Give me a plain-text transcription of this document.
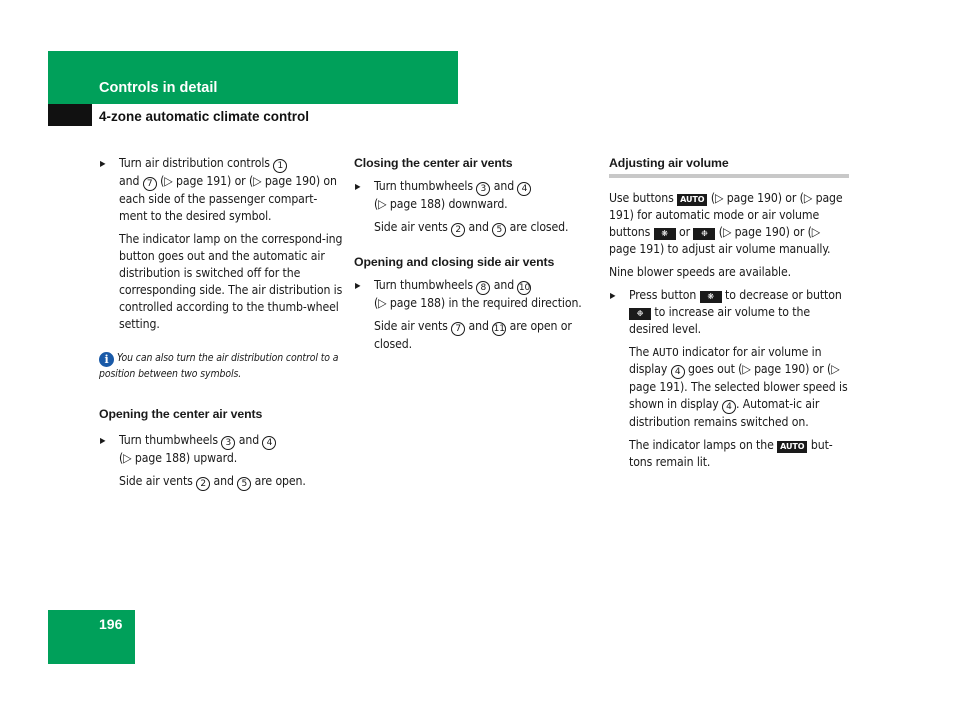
Controls in detail
4-zone automatic climate control

▶ Turn air distribution controls 1
and 7 (▷ page 191) or (▷ page 190) on each side of the passenger compart-ment to the desired symbol.

The indicator lamp on the correspond-ing button goes out and the automatic air distribution is switched off for the corresponding side. The air distribution is controlled according to the thumb-wheel setting.

i You can also turn the air distribution control to a position between two symbols.

Opening the center air vents

▶ Turn thumbwheels 3 and 4
(▷ page 188) upward.

Side air vents 2 and 5 are open.

Closing the center air vents

▶ Turn thumbwheels 3 and 4
(▷ page 188) downward.

Side air vents 2 and 5 are closed.

Opening and closing side air vents

▶ Turn thumbwheels 8 and 10
(▷ page 188) in the required direction.

Side air vents 7 and 11 are open or closed.

Adjusting air volume

Use buttons AUTO (▷ page 190) or (▷ page 191) for automatic mode or air volume buttons ❋ or ❉ (▷ page 190) or (▷ page 191) to adjust air volume manually.

Nine blower speeds are available.

▶ Press button ❋ to decrease or button ❉ to increase air volume to the desired level.

The AUTO indicator for air volume in display 4 goes out (▷ page 190) or (▷ page 191). The selected blower speed is shown in display 4 . Automat-ic air distribution remains switched on.

The indicator lamps on the AUTO but-tons remain lit.

196
